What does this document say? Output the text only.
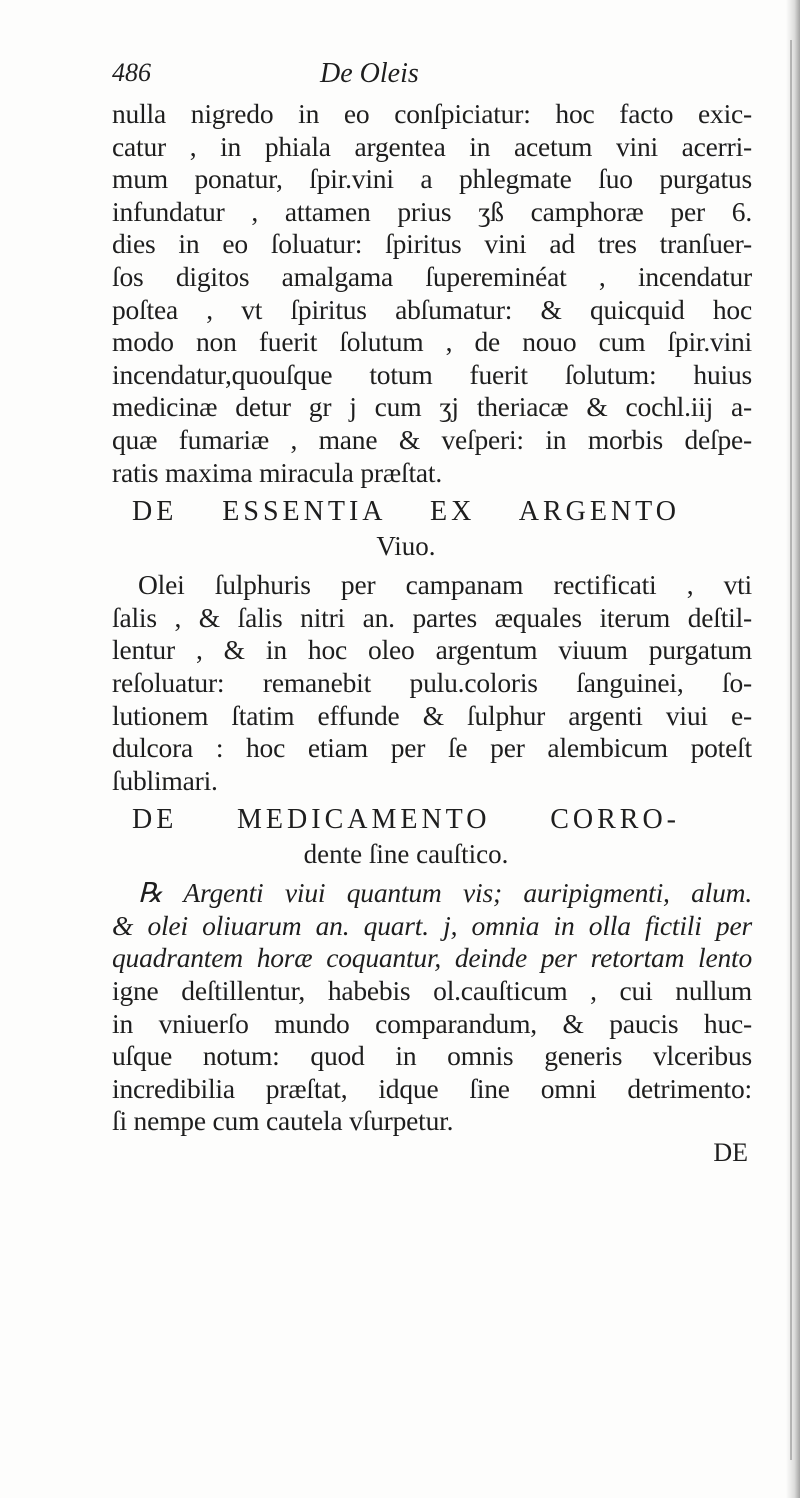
486	De Oleis
nulla nigredo in eo conſpiciatur: hoc facto exic-
catur , in phiala argentea in acetum vini acerri-
mum ponatur, ſpir.vini a phlegmate ſuo purgatus
infundatur , attamen prius ʒß camphoræ per 6.
dies in eo ſoluatur: ſpiritus vini ad tres tranſuer-
ſos digitos amalgama ſupereminéat , incendatur
poſtea , vt ſpiritus abſumatur: & quicquid hoc
modo non fuerit ſolutum , de nouo cum ſpir.vini
incendatur,quouſque totum fuerit ſolutum: huius
medicinæ detur gr j cum ʒj theriacæ & cochl.iij a-
quæ fumariæ , mane & veſperi: in morbis deſpe-
ratis maxima miracula præſtat.
DE ESSENTIA EX ARGENTO
Viuo.
Olei ſulphuris per campanam rectificati , vti
ſalis , & ſalis nitri an. partes æquales iterum deſtil-
lentur , & in hoc oleo argentum viuum purgatum
reſoluatur: remanebit pulu.coloris ſanguinei, ſo-
lutionem ſtatim effunde & ſulphur argenti viui e-
dulcora : hoc etiam per ſe per alembicum poteſt
ſublimari.
DE MEDICAMENTO CORRO-
dente ſine cauſtico.
℞ Argenti viui quantum vis; auripigmenti, alum.
& olei oliuarum an. quart. j, omnia in olla fictili per
quadrantem horæ coquantur, deinde per retortam lento
igne deſtillentur, habebis ol.cauſticum , cui nullum
in vniuerſo mundo comparandum, & paucis huc-
uſque notum: quod in omnis generis vlceribus
incredibilia præſtat, idque ſine omni detrimento:
ſi nempe cum cautela vſurpetur.
DE
